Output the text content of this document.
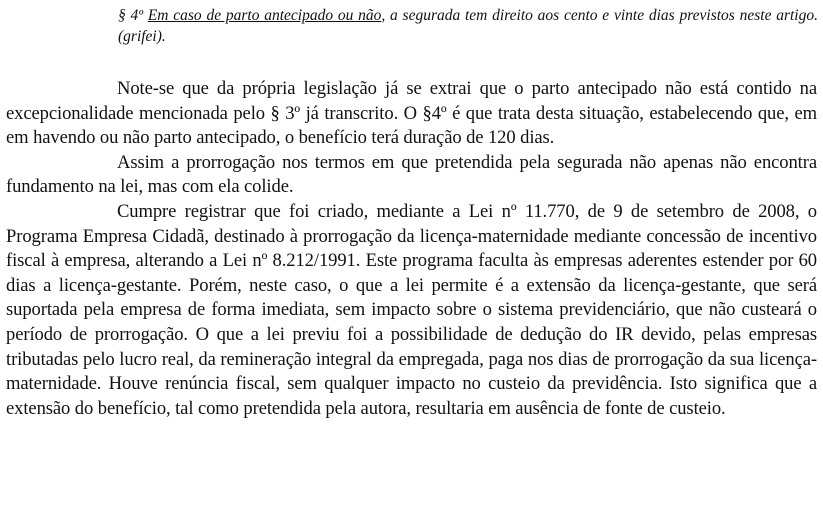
§ 4º Em caso de parto antecipado ou não, a segurada tem direito aos cento e vinte dias previstos neste artigo. (grifei).

Note-se que da própria legislação já se extrai que o parto antecipado não está contido na excepcionalidade mencionada pelo § 3º já transcrito. O §4º é que trata desta situação, estabelecendo que, em em havendo ou não parto antecipado, o benefício terá duração de 120 dias.

Assim a prorrogação nos termos em que pretendida pela segurada não apenas não encontra fundamento na lei, mas com ela colide.

Cumpre registrar que foi criado, mediante a Lei nº 11.770, de 9 de setembro de 2008, o Programa Empresa Cidadã, destinado à prorrogação da licença-maternidade mediante concessão de incentivo fiscal à empresa, alterando a Lei nº 8.212/1991. Este programa faculta às empresas aderentes estender por 60 dias a licença-gestante. Porém, neste caso, o que a lei permite é a extensão da licença-gestante, que será suportada pela empresa de forma imediata, sem impacto sobre o sistema previdenciário, que não custeará o período de prorrogação. O que a lei previu foi a possibilidade de dedução do IR devido, pelas empresas tributadas pelo lucro real, da remineração integral da empregada, paga nos dias de prorrogação da sua licença-maternidade. Houve renúncia fiscal, sem qualquer impacto no custeio da previdência. Isto significa que a extensão do benefício, tal como pretendida pela autora, resultaria em ausência de fonte de custeio.
